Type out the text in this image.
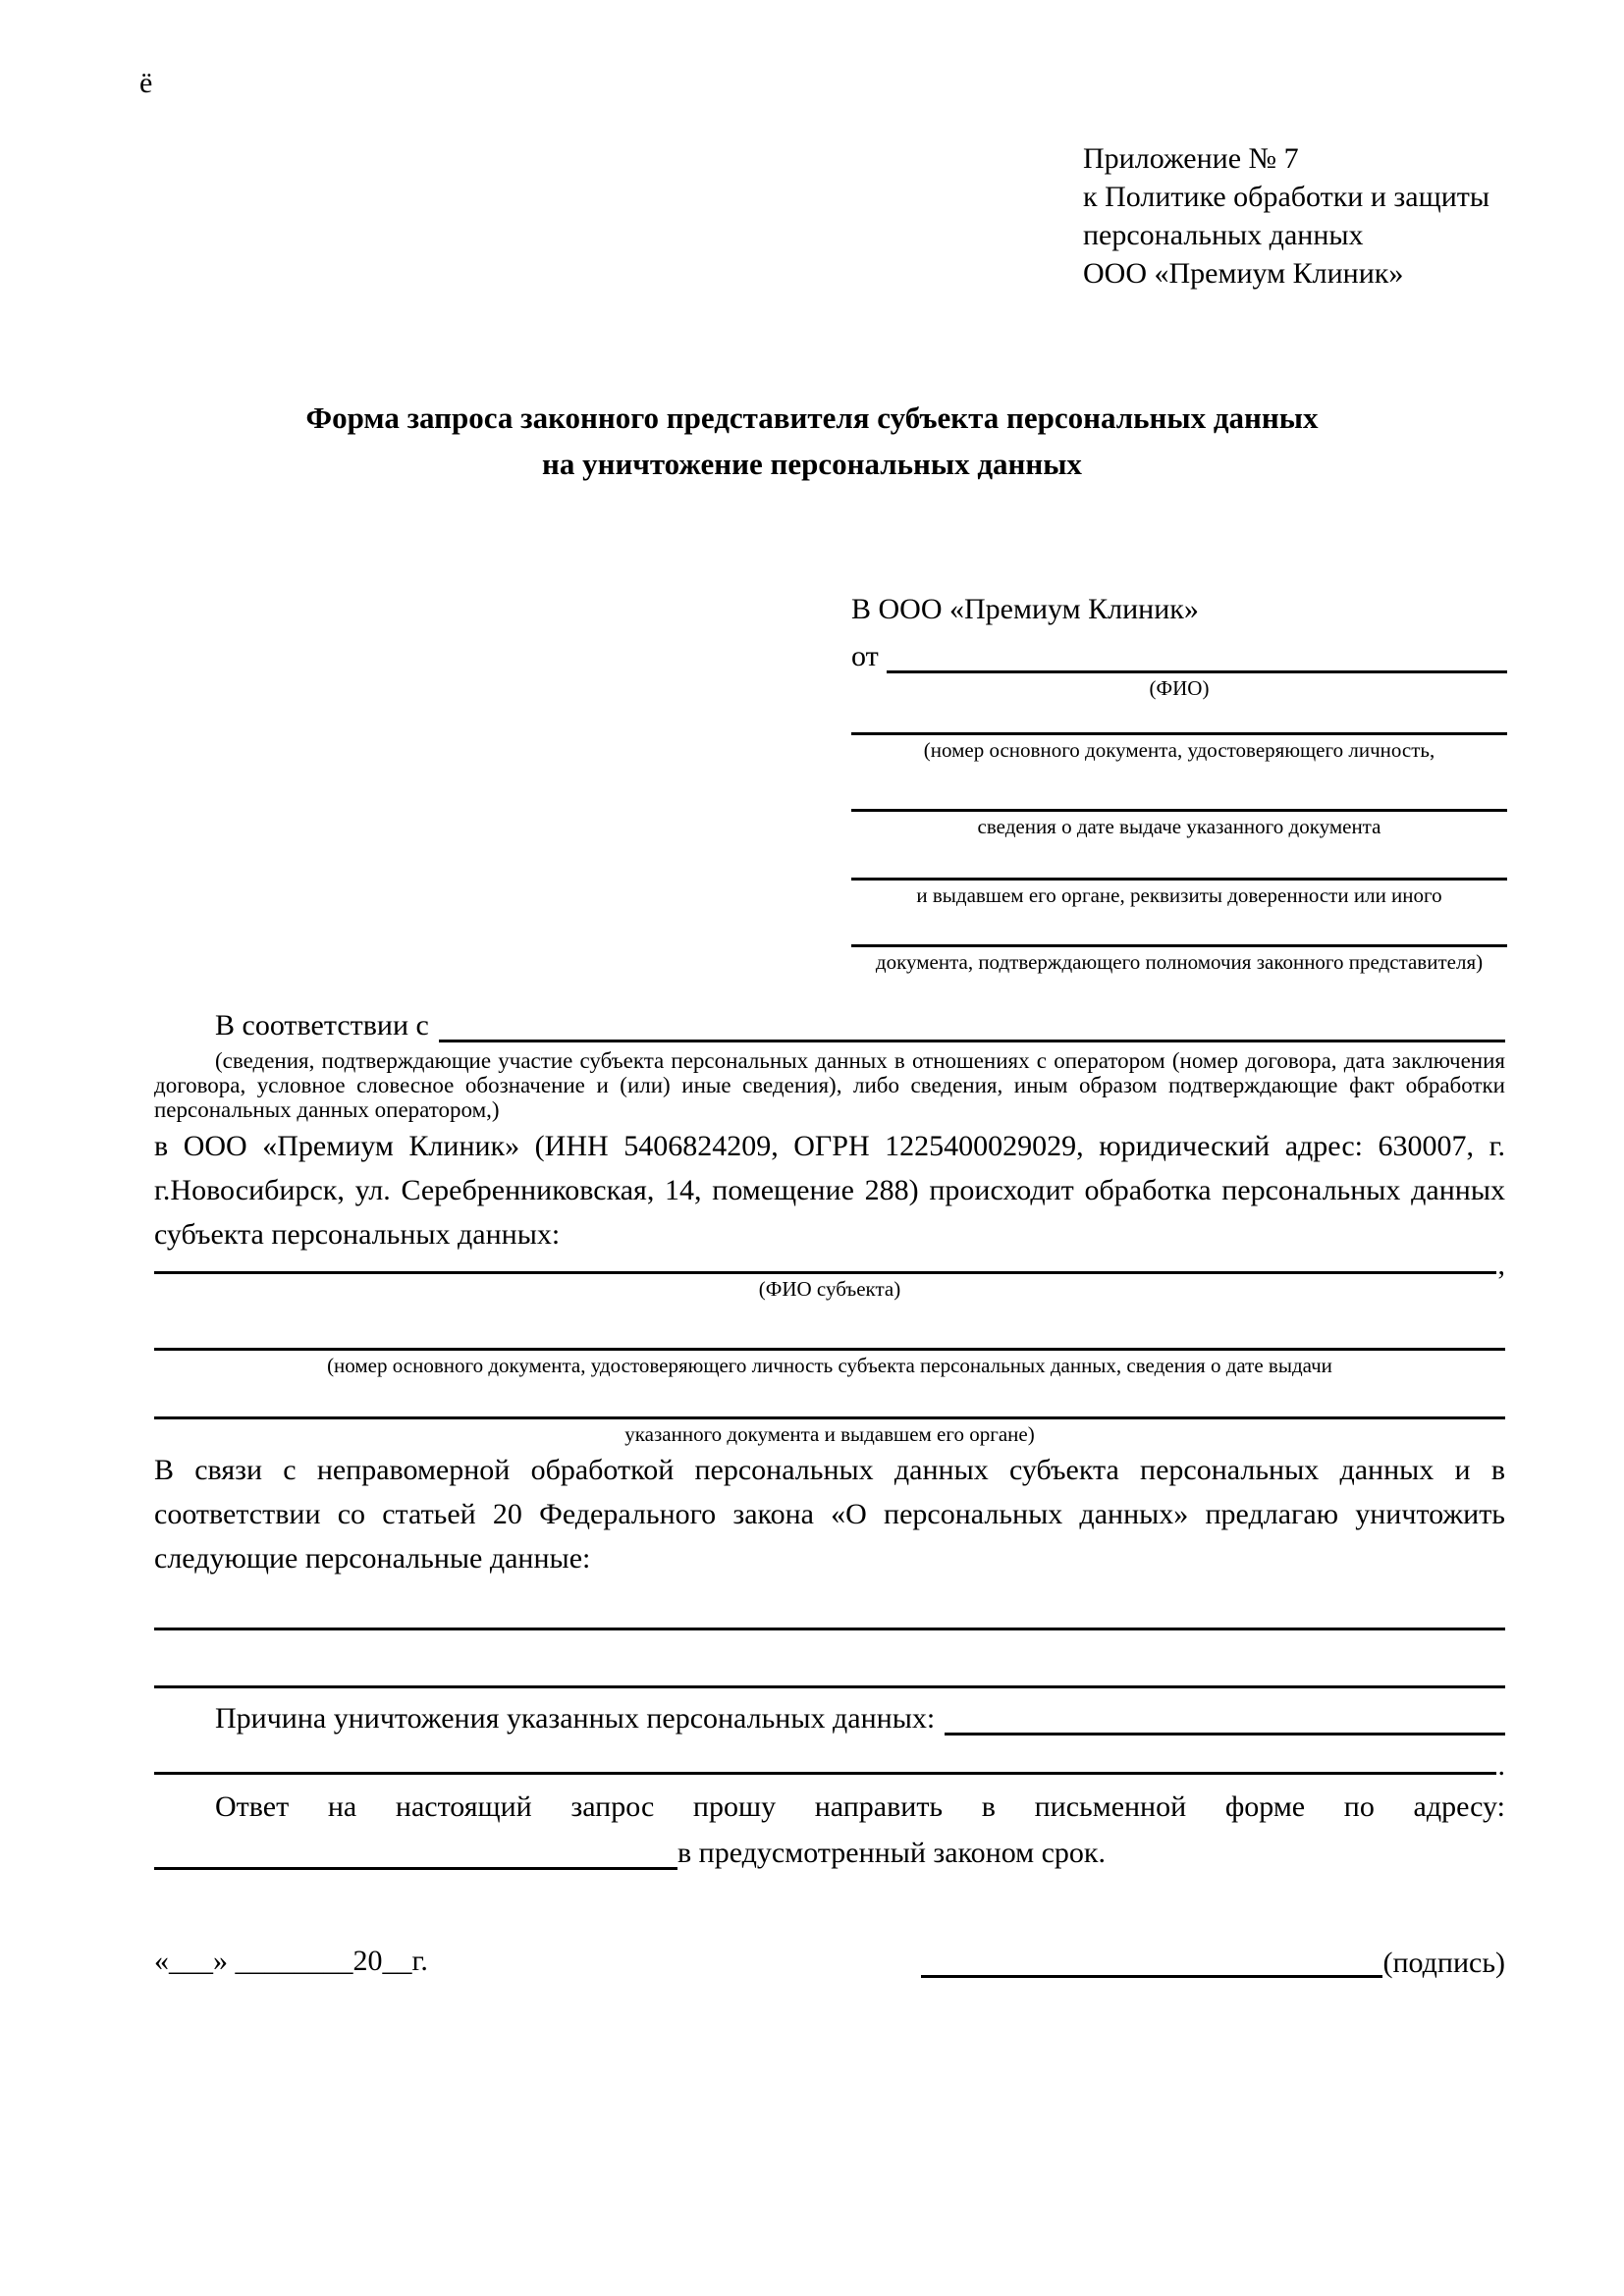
ё
Приложение № 7
к Политике обработки и защиты
персональных данных
ООО «Премиум Клиник»
Форма запроса законного представителя субъекта персональных данных
на уничтожение персональных данных
В ООО «Премиум Клиник»
от
(ФИО)
(номер основного документа, удостоверяющего личность,
сведения о дате выдаче указанного документа
и выдавшем его органе, реквизиты доверенности или иного
документа, подтверждающего полномочия законного представителя)
В соответствии с

(сведения, подтверждающие участие субъекта персональных данных в отношениях с оператором (номер договора, дата заключения договора, условное словесное обозначение и (или) иные сведения), либо сведения, иным образом подтверждающие факт обработки персональных данных оператором,)

в ООО «Премиум Клиник» (ИНН 5406824209, ОГРН 1225400029029, юридический адрес: 630007, г. г.Новосибирск, ул. Серебренниковская, 14, помещение 288) происходит обработка персональных данных субъекта персональных данных:

,
(ФИО субъекта)
(номер основного документа, удостоверяющего личность субъекта персональных данных, сведения о дате выдачи
указанного документа и выдавшем его органе)

В связи с неправомерной обработкой персональных данных субъекта персональных данных и в соответствии со статьей 20 Федерального закона «О персональных данных» предлагаю уничтожить следующие персональные данные:

Причина уничтожения указанных персональных данных:
.

Ответ на настоящий запрос прошу направить в письменной форме по адресу:

в предусмотренный законом срок.
«___» ________20__г.	(подпись)
